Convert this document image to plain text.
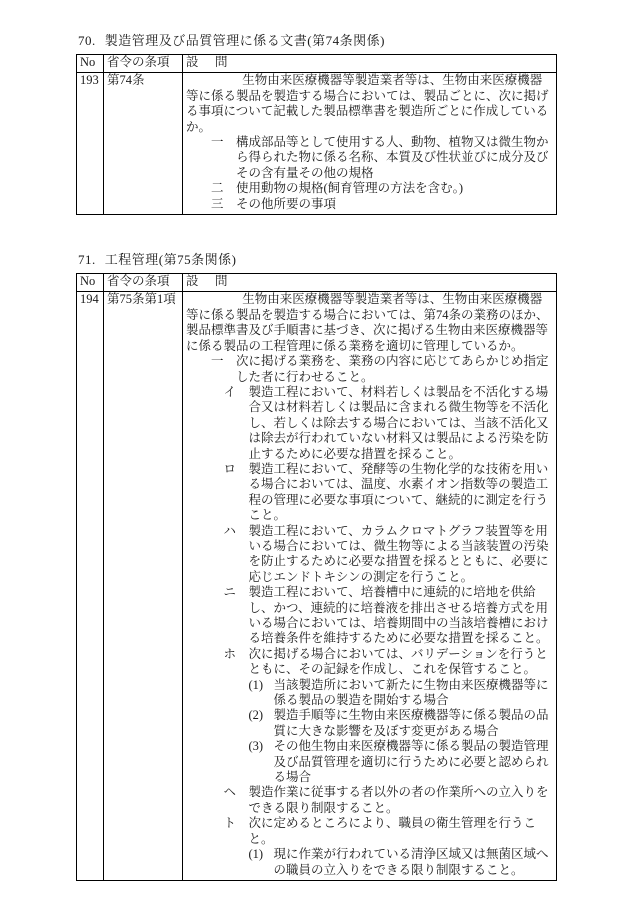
70. 製造管理及び品質管理に係る文書(第74条関係)
No	省令の条項	設　問
193	第74条	生物由来医療機器等製造業者等は、生物由来医療機器等に係る製品を製造する場合においては、製品ごとに、次に掲げる事項について記載した製品標準書を製造所ごとに作成しているか。

一 構成部品等として使用する人、動物、植物又は微生物から得られた物に係る名称、本質及び性状並びに成分及びその含有量その他の規格

二 使用動物の規格(飼育管理の方法を含む。)

三 その他所要の事項

71. 工程管理(第75条関係)
No	省令の条項	設　問
194	第75条第1項	生物由来医療機器等製造業者等は、生物由来医療機器等に係る製品を製造する場合においては、第74条の業務のほか、製品標準書及び手順書に基づき、次に掲げる生物由来医療機器等に係る製品の工程管理に係る業務を適切に管理しているか。

一 次に掲げる業務を、業務の内容に応じてあらかじめ指定した者に行わせること。

イ 製造工程において、材料若しくは製品を不活化する場合又は材料若しくは製品に含まれる微生物等を不活化し、若しくは除去する場合においては、当該不活化又は除去が行われていない材料又は製品による汚染を防止するために必要な措置を採ること。

ロ 製造工程において、発酵等の生物化学的な技術を用いる場合においては、温度、水素イオン指数等の製造工程の管理に必要な事項について、継続的に測定を行うこと。

ハ 製造工程において、カラムクロマトグラフ装置等を用いる場合においては、微生物等による当該装置の汚染を防止するために必要な措置を採るとともに、必要に応じエンドトキシンの測定を行うこと。

ニ 製造工程において、培養槽中に連続的に培地を供給し、かつ、連続的に培養液を排出させる培養方式を用いる場合においては、培養期間中の当該培養槽における培養条件を維持するために必要な措置を採ること。

ホ 次に掲げる場合においては、バリデーションを行うとともに、その記録を作成し、これを保管すること。

(1) 当該製造所において新たに生物由来医療機器等に係る製品の製造を開始する場合

(2) 製造手順等に生物由来医療機器等に係る製品の品質に大きな影響を及ぼす変更がある場合

(3) その他生物由来医療機器等に係る製品の製造管理及び品質管理を適切に行うために必要と認められる場合

ヘ 製造作業に従事する者以外の者の作業所への立入りをできる限り制限すること。

ト 次に定めるところにより、職員の衛生管理を行うこと。

(1) 現に作業が行われている清浄区域又は無菌区域への職員の立入りをできる限り制限すること。
